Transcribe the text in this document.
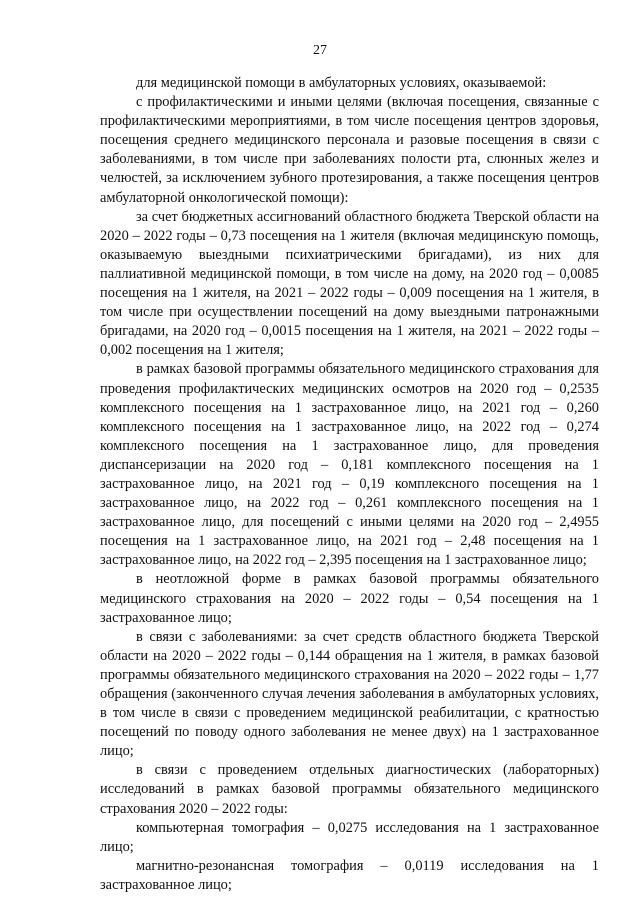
27

для медицинской помощи в амбулаторных условиях, оказываемой:

с профилактическими и иными целями (включая посещения, связанные с профилактическими мероприятиями, в том числе посещения центров здоровья, посещения среднего медицинского персонала и разовые посещения в связи с заболеваниями, в том числе при заболеваниях полости рта, слюнных желез и челюстей, за исключением зубного протезирования, а также посещения центров амбулаторной онкологической помощи):

за счет бюджетных ассигнований областного бюджета Тверской области на 2020 – 2022 годы – 0,73 посещения на 1 жителя (включая медицинскую помощь, оказываемую выездными психиатрическими бригадами), из них для паллиативной медицинской помощи, в том числе на дому, на 2020 год – 0,0085 посещения на 1 жителя, на 2021 – 2022 годы – 0,009 посещения на 1 жителя, в том числе при осуществлении посещений на дому выездными патронажными бригадами, на 2020 год – 0,0015 посещения на 1 жителя, на 2021 – 2022 годы – 0,002 посещения на 1 жителя;

в рамках базовой программы обязательного медицинского страхования для проведения профилактических медицинских осмотров на 2020 год – 0,2535 комплексного посещения на 1 застрахованное лицо, на 2021 год – 0,260 комплексного посещения на 1 застрахованное лицо, на 2022 год – 0,274 комплексного посещения на 1 застрахованное лицо, для проведения диспансеризации на 2020 год – 0,181 комплексного посещения на 1 застрахованное лицо, на 2021 год – 0,19 комплексного посещения на 1 застрахованное лицо, на 2022 год – 0,261 комплексного посещения на 1 застрахованное лицо, для посещений с иными целями на 2020 год – 2,4955 посещения на 1 застрахованное лицо, на 2021 год – 2,48 посещения на 1 застрахованное лицо, на 2022 год – 2,395 посещения на 1 застрахованное лицо;

в неотложной форме в рамках базовой программы обязательного медицинского страхования на 2020 – 2022 годы – 0,54 посещения на 1 застрахованное лицо;

в связи с заболеваниями: за счет средств областного бюджета Тверской области на 2020 – 2022 годы – 0,144 обращения на 1 жителя, в рамках базовой программы обязательного медицинского страхования на 2020 – 2022 годы – 1,77 обращения (законченного случая лечения заболевания в амбулаторных условиях, в том числе в связи с проведением медицинской реабилитации, с кратностью посещений по поводу одного заболевания не менее двух) на 1 застрахованное лицо;

в связи с проведением отдельных диагностических (лабораторных) исследований в рамках базовой программы обязательного медицинского страхования 2020 – 2022 годы:

компьютерная томография – 0,0275 исследования на 1 застрахованное лицо;

магнитно-резонансная томография – 0,0119 исследования на 1 застрахованное лицо;
